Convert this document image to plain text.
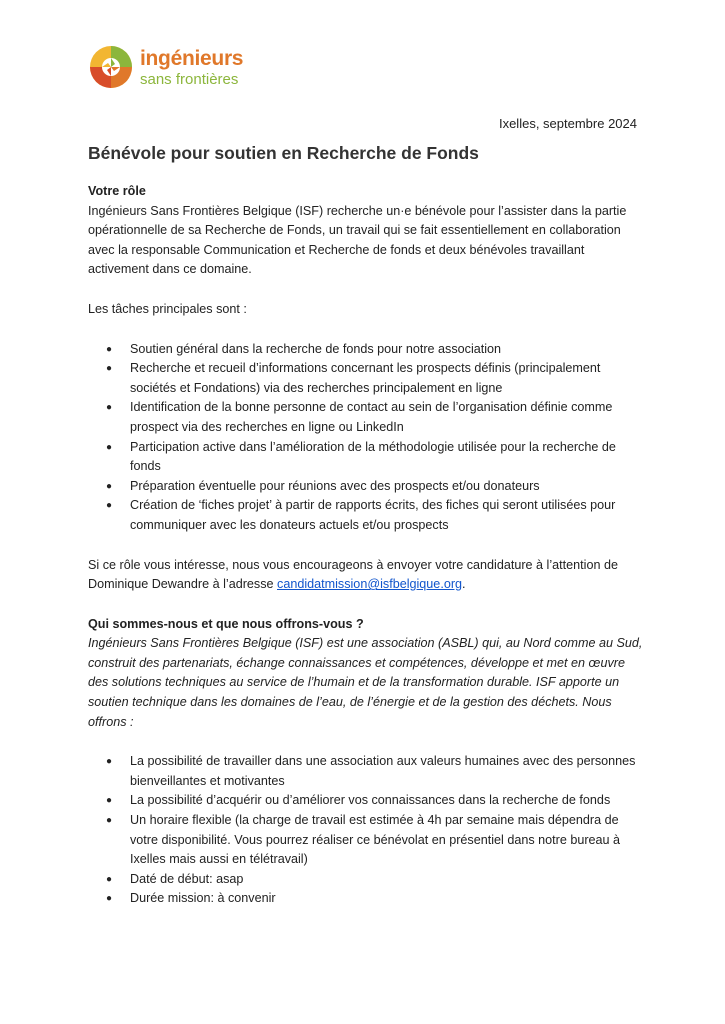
ingénieurs
sans frontières
Ixelles, septembre 2024
Bénévole pour soutien en Recherche de Fonds

Votre rôle

Ingénieurs Sans Frontières Belgique (ISF) recherche un·e bénévole pour l’assister dans la partie opérationnelle de sa Recherche de Fonds, un travail qui se fait essentiellement en collaboration avec la responsable Communication et Recherche de fonds et deux bénévoles travaillant activement dans ce domaine.

Les tâches principales sont :

● Soutien général dans la recherche de fonds pour notre association
● Recherche et recueil d’informations concernant les prospects définis (principalement sociétés et Fondations) via des recherches principalement en ligne
● Identification de la bonne personne de contact au sein de l’organisation définie comme prospect via des recherches en ligne ou LinkedIn
● Participation active dans l’amélioration de la méthodologie utilisée pour la recherche de fonds
● Préparation éventuelle pour réunions avec des prospects et/ou donateurs
● Création de ‘fiches projet’ à partir de rapports écrits, des fiches qui seront utilisées pour communiquer avec les donateurs actuels et/ou prospects

Si ce rôle vous intéresse, nous vous encourageons à envoyer votre candidature à l’attention de Dominique Dewandre à l’adresse candidatmission@isfbelgique.org.

Qui sommes-nous et que nous offrons-vous ?

Ingénieurs Sans Frontières Belgique (ISF) est une association (ASBL) qui, au Nord comme au Sud, construit des partenariats, échange connaissances et compétences, développe et met en œuvre des solutions techniques au service de l’humain et de la transformation durable. ISF apporte un soutien technique dans les domaines de l’eau, de l’énergie et de la gestion des déchets. Nous offrons :

● La possibilité de travailler dans une association aux valeurs humaines avec des personnes bienveillantes et motivantes
● La possibilité d’acquérir ou d’améliorer vos connaissances dans la recherche de fonds
● Un horaire flexible (la charge de travail est estimée à 4h par semaine mais dépendra de votre disponibilité. Vous pourrez réaliser ce bénévolat en présentiel dans notre bureau à Ixelles mais aussi en télétravail)
● Daté de début: asap
● Durée mission: à convenir
